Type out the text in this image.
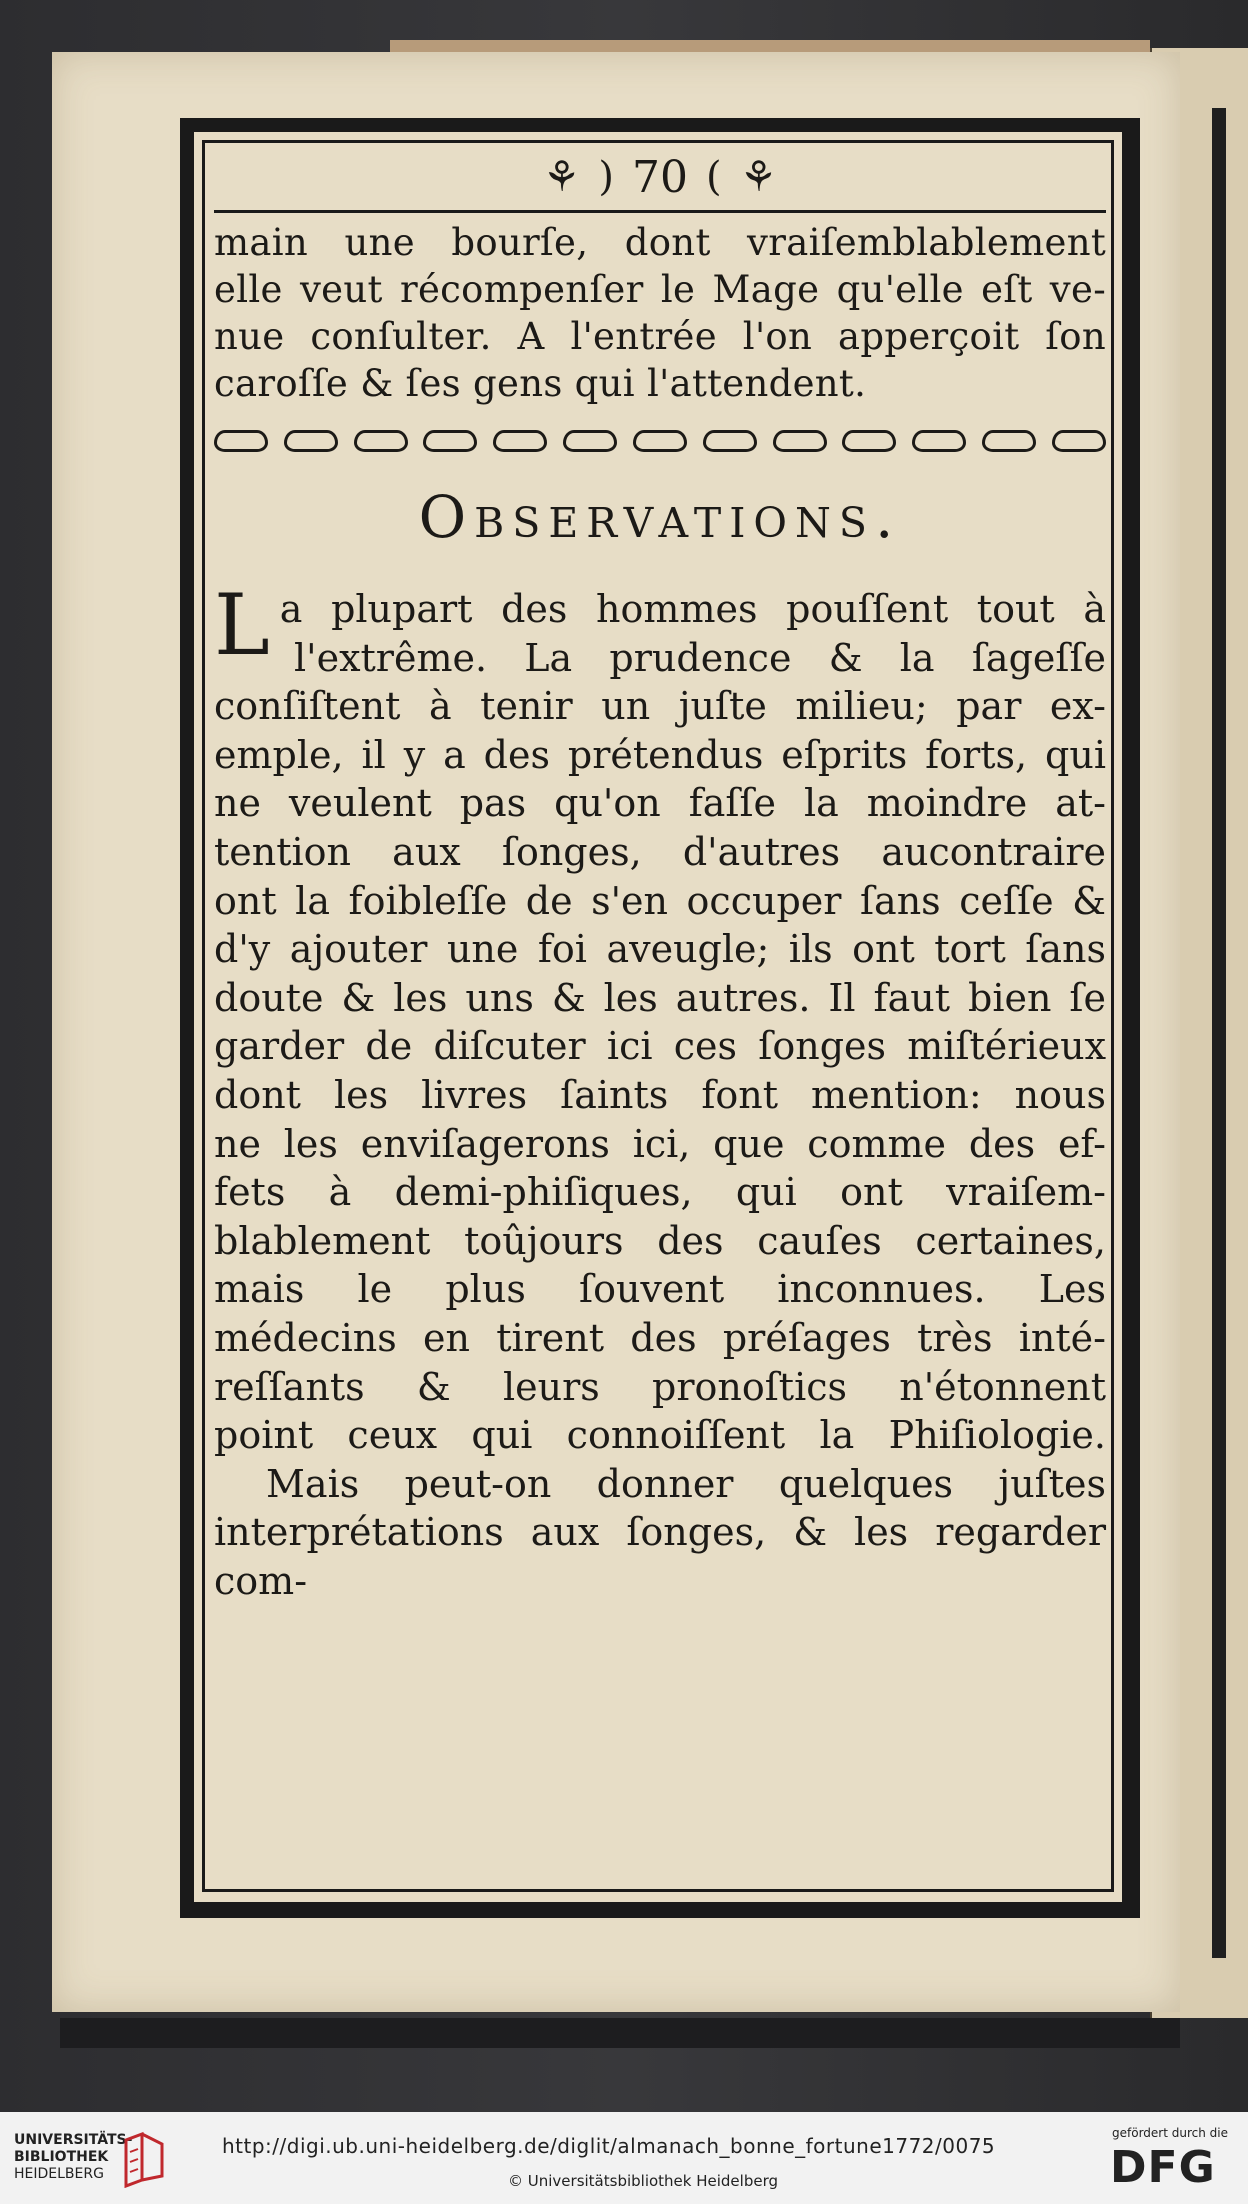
⚘ ) 70 ( ⚘
main une bourſe, dont vraiſemblablement
elle veut récompenſer le Mage qu'elle eſt ve-
nue conſulter. A l'entrée l'on apperçoit ſon
caroſſe & ſes gens qui l'attendent.
Observations.
L a plupart des hommes pouſſent tout à
l'extrême. La prudence & la ſageſſe
conſiſtent à tenir un juſte milieu; par ex-
emple, il y a des prétendus eſprits forts, qui
ne veulent pas qu'on faſſe la moindre at-
tention aux ſonges, d'autres aucontraire
ont la foibleſſe de s'en occuper ſans ceſſe &
d'y ajouter une foi aveugle; ils ont tort ſans
doute & les uns & les autres. Il faut bien ſe
garder de diſcuter ici ces ſonges miſtérieux
dont les livres ſaints font mention: nous
ne les enviſagerons ici, que comme des ef-
fets à demi-phiſiques, qui ont vraiſem-
blablement toûjours des cauſes certaines,
mais le plus ſouvent inconnues. Les
médecins en tirent des préſages très inté-
reſſants & leurs pronoſtics n'étonnent
point ceux qui connoiſſent la Phiſiologie.
Mais peut-on donner quelques juſtes
interprétations aux ſonges, & les regarder
com-
UNIVERSITÄTS-
BIBLIOTHEK
HEIDELBERG
http://digi.ub.uni-heidelberg.de/diglit/almanach_bonne_fortune1772/0075
© Universitätsbibliothek Heidelberg
gefördert durch die
DFG
